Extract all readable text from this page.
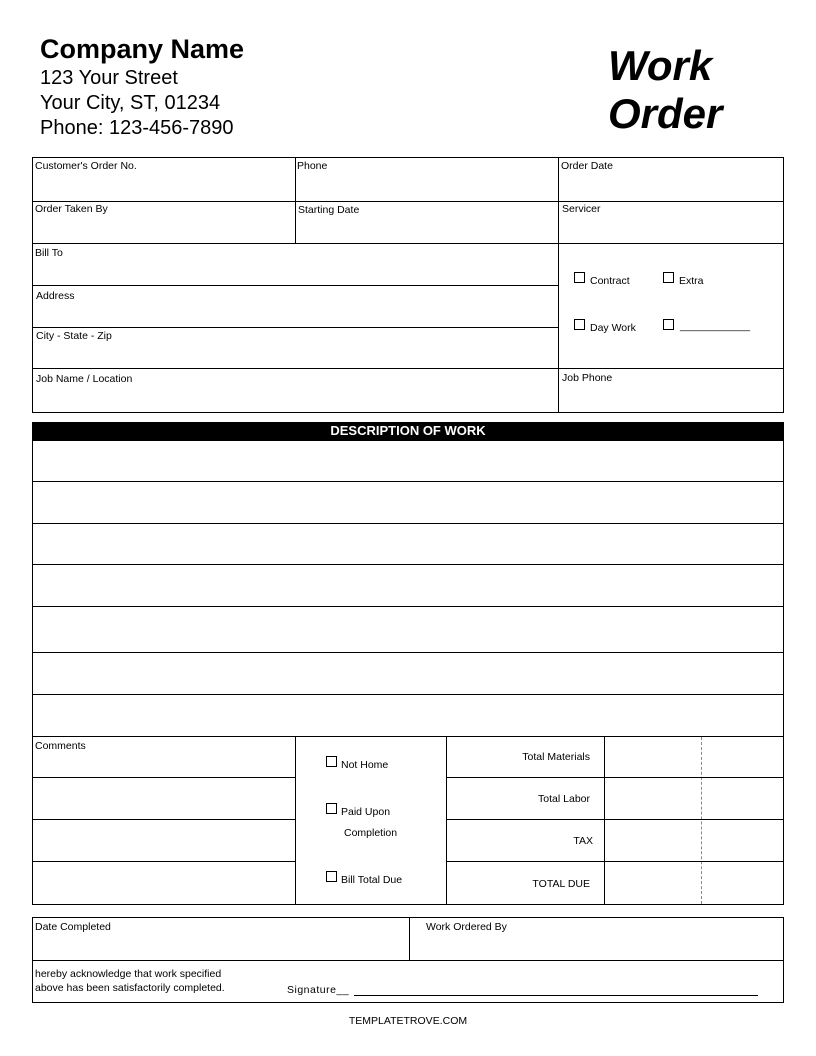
Company Name
123 Your Street
Your City, ST, 01234
Phone: 123-456-7890
Work
Order
Customer's Order No.	Phone	Order Date
Order Taken By	Starting Date	Servicer
Bill To
Address
City - State - Zip
Job Name / Location	Job Phone
Contract	Extra
Day Work	____________
DESCRIPTION OF WORK
Comments
Not Home
Paid Upon
Completion
Bill Total Due
Total Materials
Total Labor
TAX
TOTAL DUE
Date Completed	Work Ordered By
hereby acknowledge that work specified
above has been satisfactorily completed.	Signature__
TEMPLATETROVE.COM
